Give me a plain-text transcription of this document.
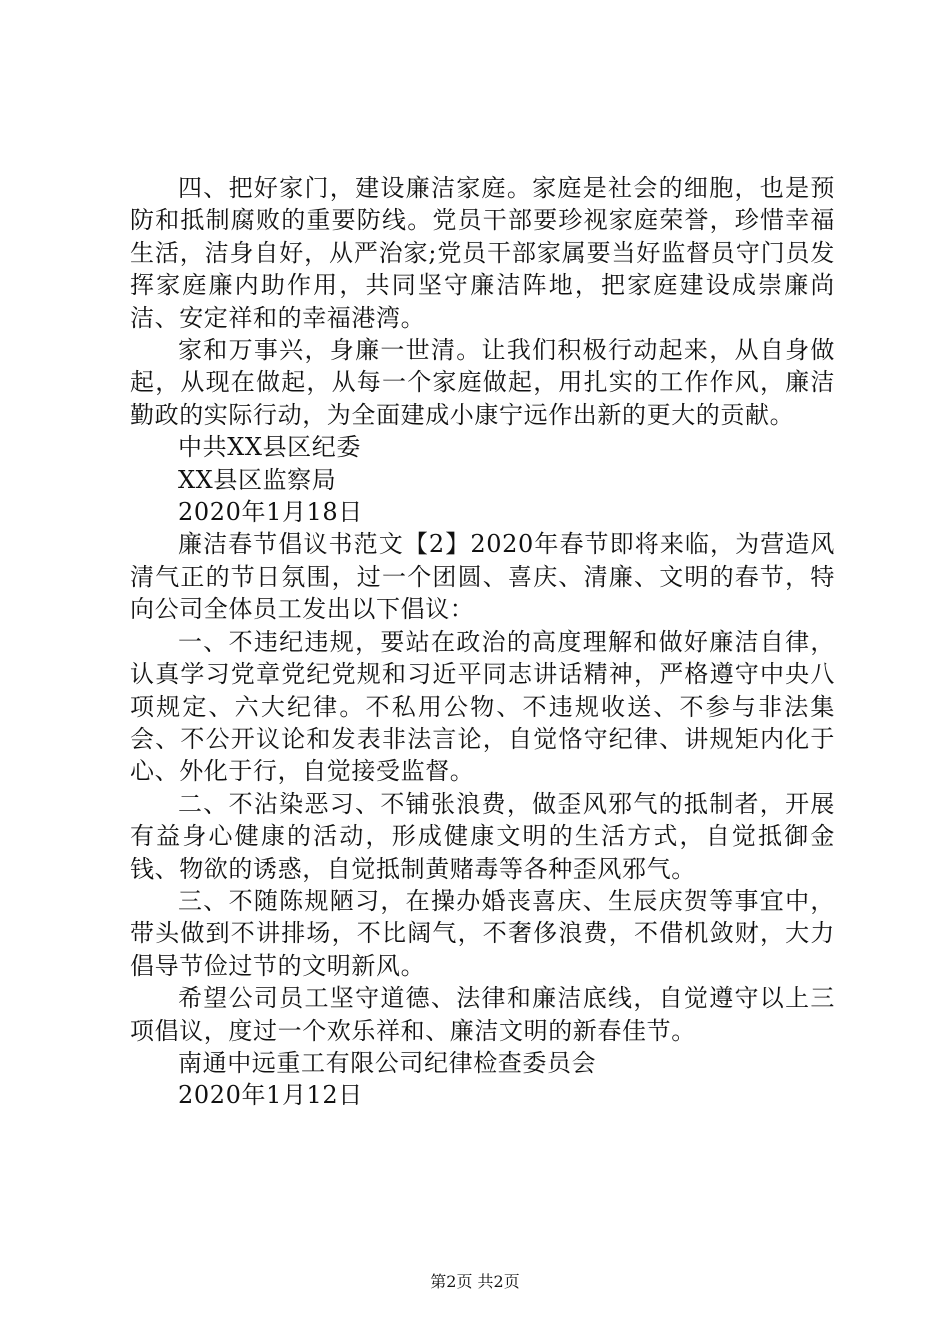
四、把好家门，建设廉洁家庭。家庭是社会的细胞，也是预防和抵制腐败的重要防线。党员干部要珍视家庭荣誉，珍惜幸福生活，洁身自好，从严治家;党员干部家属要当好监督员守门员发挥家庭廉内助作用，共同坚守廉洁阵地，把家庭建设成崇廉尚洁、安定祥和的幸福港湾。

家和万事兴，身廉一世清。让我们积极行动起来，从自身做起，从现在做起，从每一个家庭做起，用扎实的工作作风，廉洁勤政的实际行动，为全面建成小康宁远作出新的更大的贡献。

中共XX县区纪委

XX县区监察局

2020年1月18日

廉洁春节倡议书范文【2】2020年春节即将来临，为营造风清气正的节日氛围，过一个团圆、喜庆、清廉、文明的春节，特向公司全体员工发出以下倡议：

一、不违纪违规，要站在政治的高度理解和做好廉洁自律，认真学习党章党纪党规和习近平同志讲话精神，严格遵守中央八项规定、六大纪律。不私用公物、不违规收送、不参与非法集会、不公开议论和发表非法言论，自觉恪守纪律、讲规矩内化于心、外化于行，自觉接受监督。

二、不沾染恶习、不铺张浪费，做歪风邪气的抵制者，开展有益身心健康的活动，形成健康文明的生活方式，自觉抵御金钱、物欲的诱惑，自觉抵制黄赌毒等各种歪风邪气。

三、不随陈规陋习，在操办婚丧喜庆、生辰庆贺等事宜中，带头做到不讲排场，不比阔气，不奢侈浪费，不借机敛财，大力倡导节俭过节的文明新风。

希望公司员工坚守道德、法律和廉洁底线，自觉遵守以上三项倡议，度过一个欢乐祥和、廉洁文明的新春佳节。

南通中远重工有限公司纪律检查委员会

2020年1月12日

第2页 共2页
